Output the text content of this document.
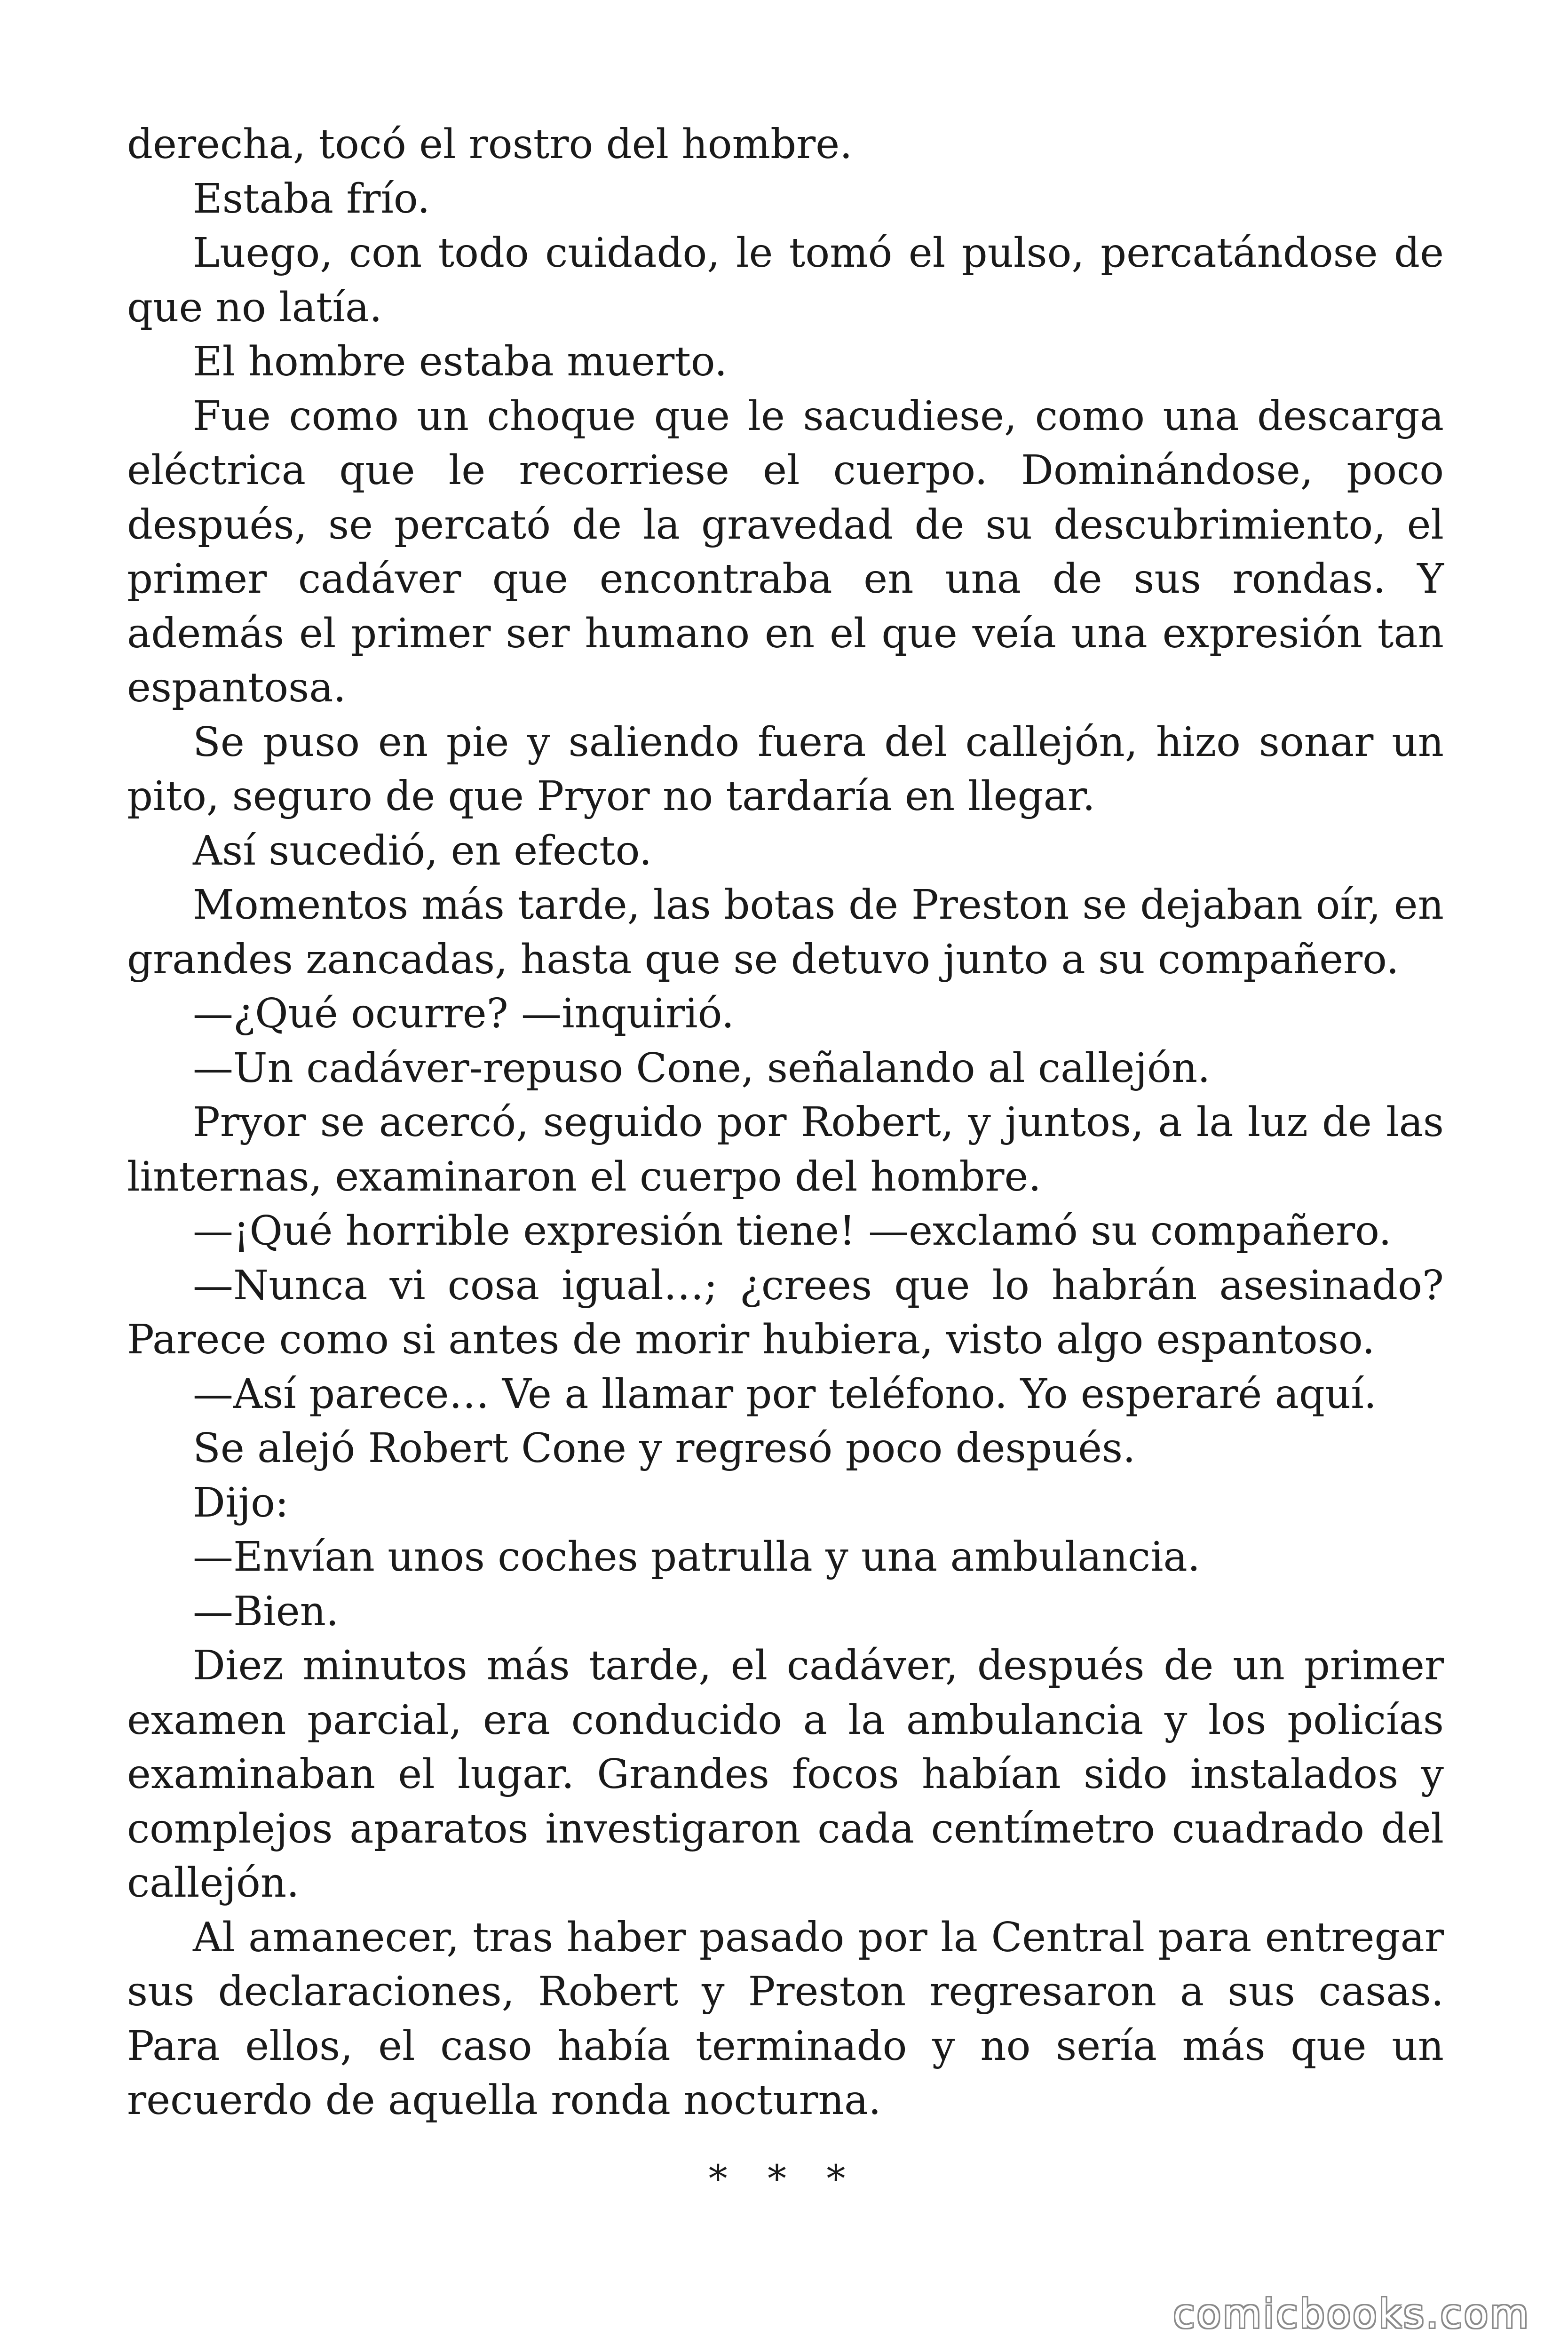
derecha, tocó el rostro del hombre.

Estaba frío.

Luego, con todo cuidado, le tomó el pulso, percatándose de que no latía.

El hombre estaba muerto.

Fue como un choque que le sacudiese, como una descarga eléctrica que le recorriese el cuerpo. Dominándose, poco después, se percató de la gravedad de su descubrimiento, el primer cadáver que encontraba en una de sus rondas. Y además el primer ser humano en el que veía una expresión tan espantosa.

Se puso en pie y saliendo fuera del callejón, hizo sonar un pito, seguro de que Pryor no tardaría en llegar.

Así sucedió, en efecto.

Momentos más tarde, las botas de Preston se dejaban oír, en grandes zancadas, hasta que se detuvo junto a su compañero.

—¿Qué ocurre? —inquirió.

—Un cadáver-repuso Cone, señalando al callejón.

Pryor se acercó, seguido por Robert, y juntos, a la luz de las linternas, examinaron el cuerpo del hombre.

—¡Qué horrible expresión tiene! —exclamó su compañero.

—Nunca vi cosa igual…; ¿crees que lo habrán asesinado? Parece como si antes de morir hubiera, visto algo espantoso.

—Así parece… Ve a llamar por teléfono. Yo esperaré aquí.

Se alejó Robert Cone y regresó poco después.

Dijo:

—Envían unos coches patrulla y una ambulancia.

—Bien.

Diez minutos más tarde, el cadáver, después de un primer examen parcial, era conducido a la ambulancia y los policías examinaban el lugar. Grandes focos habían sido instalados y complejos aparatos investigaron cada centímetro cuadrado del callejón.

Al amanecer, tras haber pasado por la Central para entregar sus declaraciones, Robert y Preston regresaron a sus casas. Para ellos, el caso había terminado y no sería más que un recuerdo de aquella ronda nocturna.

* * *
comicbooks.com
